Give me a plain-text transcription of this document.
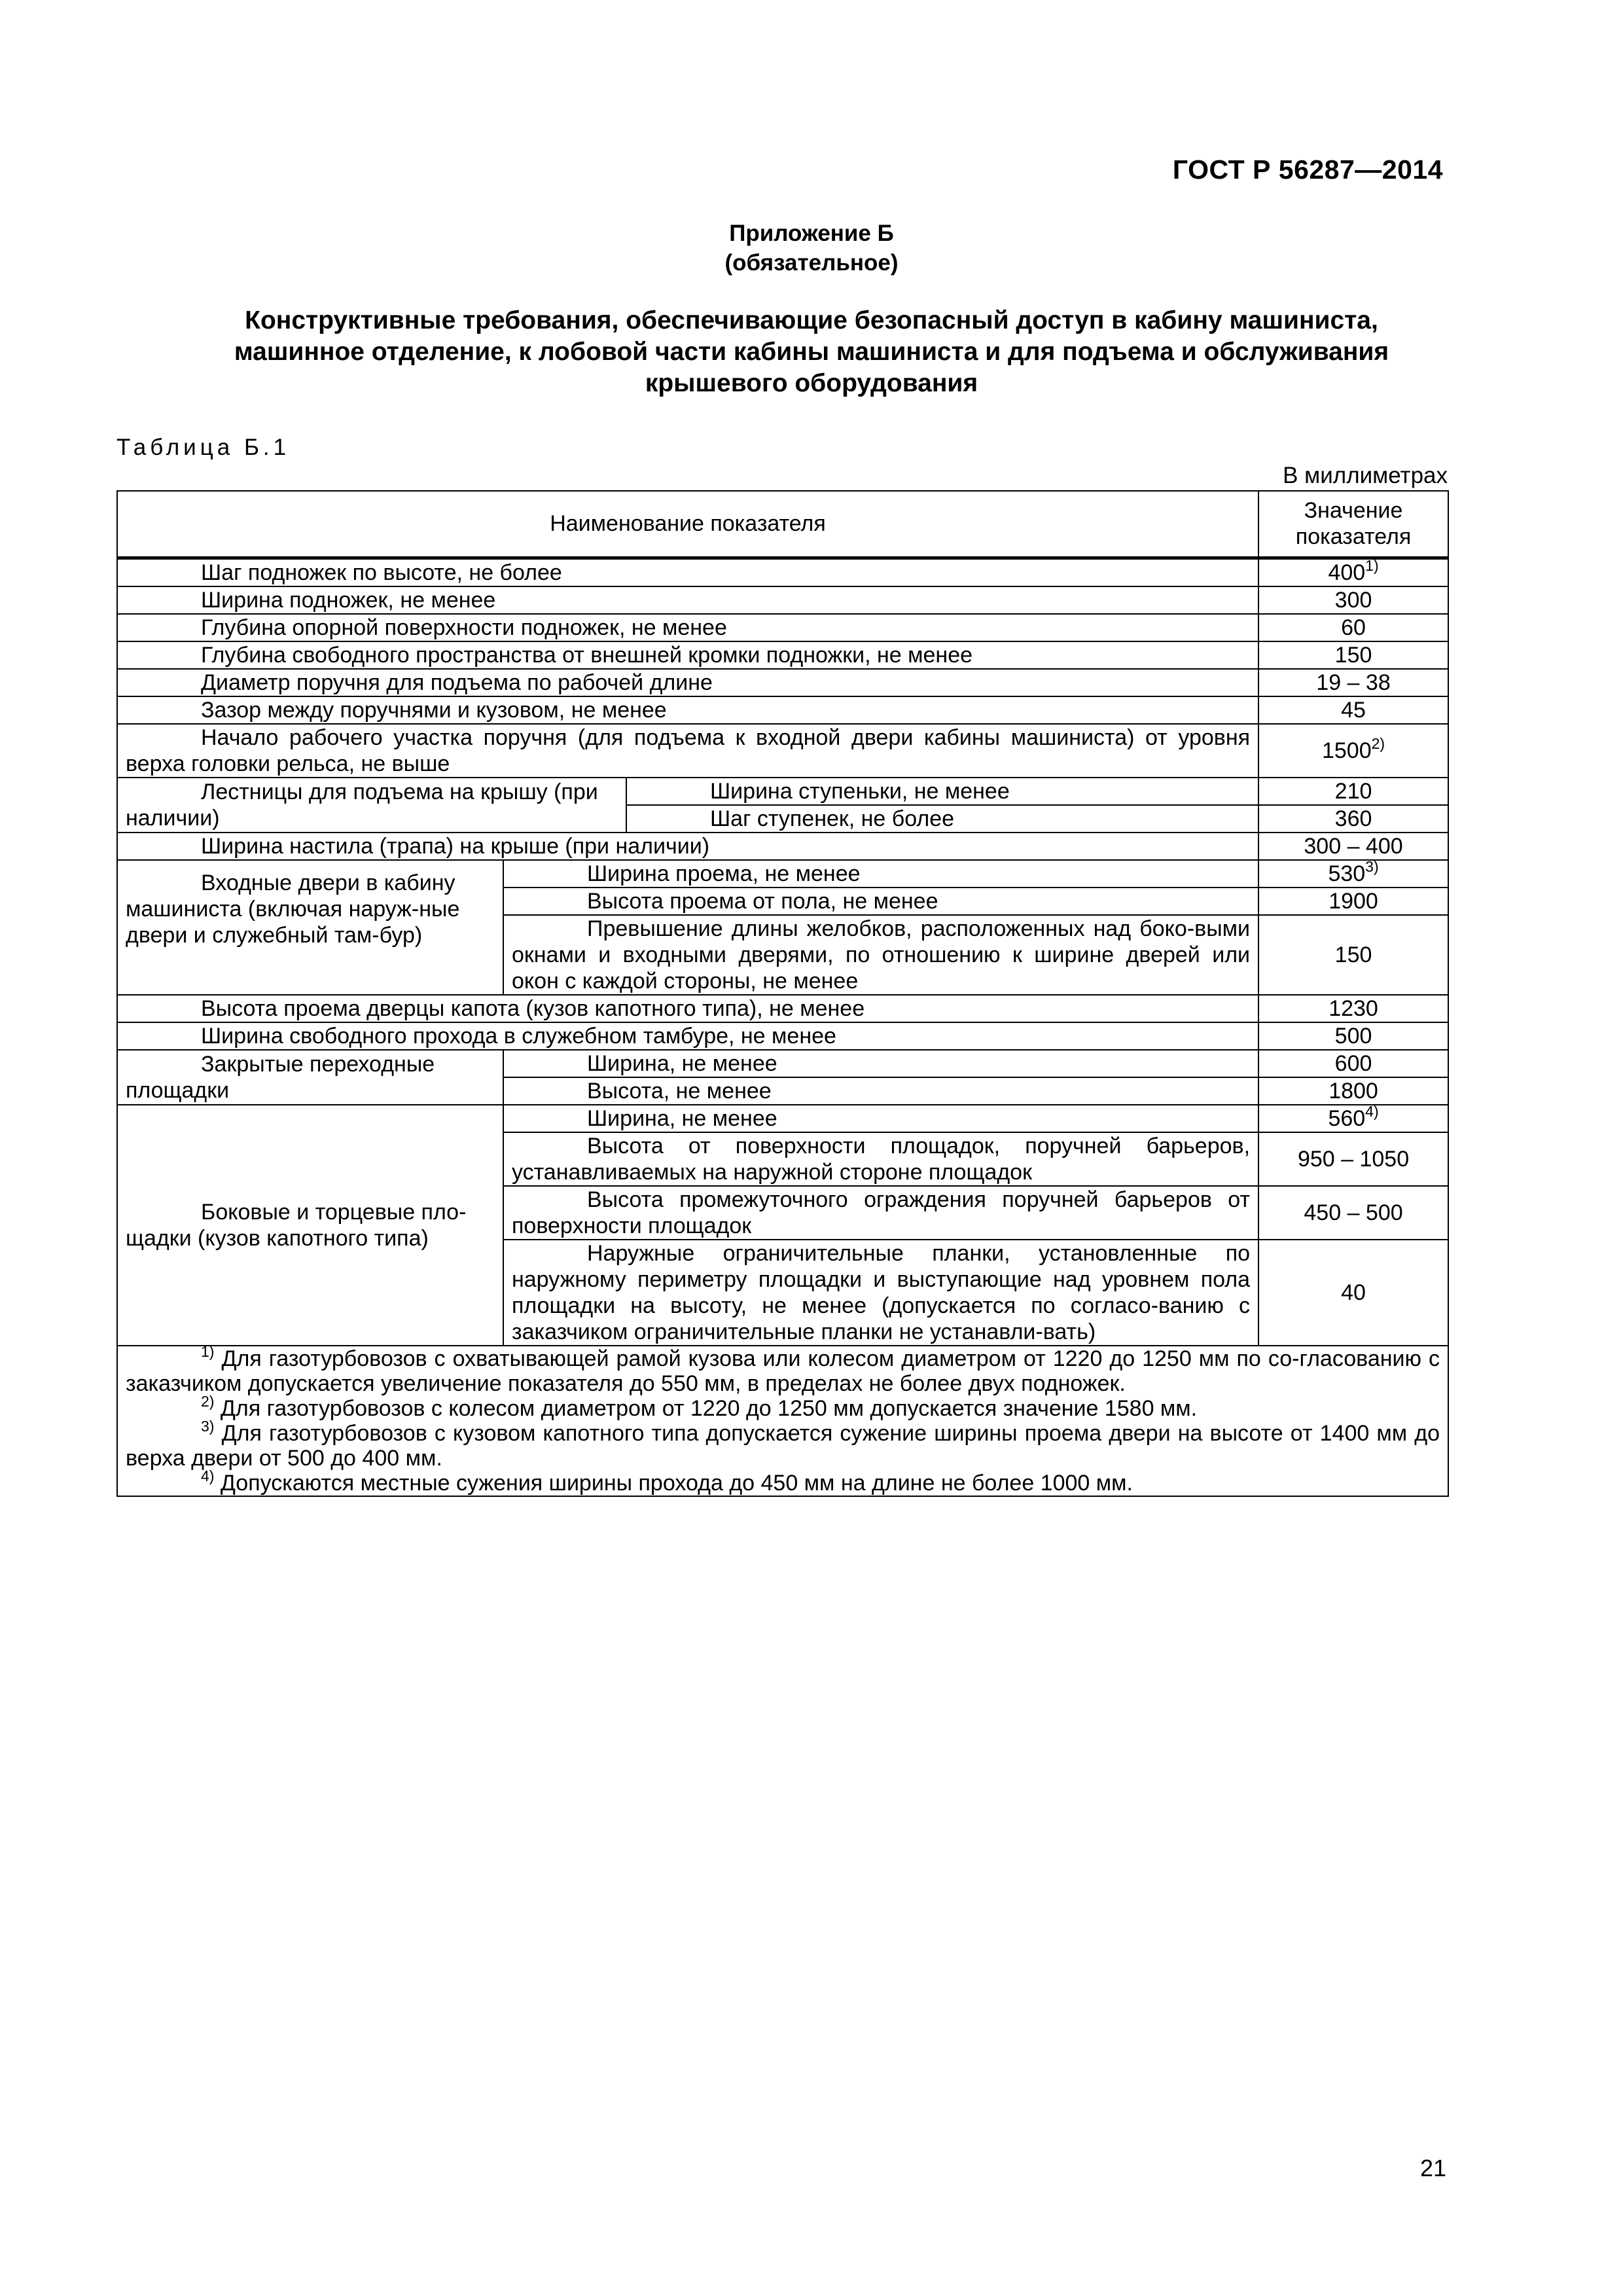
ГОСТ Р 56287—2014
Приложение Б
(обязательное)
Конструктивные требования, обеспечивающие безопасный доступ в кабину машиниста,
машинное отделение, к лобовой части кабины машиниста и для подъема и обслуживания
крышевого оборудования
Таблица Б.1
В миллиметрах
Наименование показателя			Значение
показателя

Шаг подножек по высоте, не более			400$^{1)}$
Ширина подножек, не менее			300
Глубина опорной поверхности подножек, не менее			60
Глубина свободного пространства от внешней кромки подножки, не менее			150
Диаметр поручня для подъема по рабочей длине			19 – 38
Зазор между поручнями и кузовом, не менее			45
Начало рабочего участка поручня (для подъема к входной двери кабины машиниста) от уровня верха головки рельса, не выше			1500$^{2)}$
Лестницы для подъема на крышу (при наличии)		Ширина ступеньки, не менее	210
		Шаг ступенек, не более	360
Ширина настила (трапа) на крыше (при наличии)			300 – 400
Входные двери в кабину машиниста (включая наруж-ные двери и служебный там-бур)	Ширина проема, не менее		530$^{3)}$
	Высота проема от пола, не менее		1900
	Превышение длины желобков, расположенных над боко-выми окнами и входными дверями, по отношению к ширине дверей или окон с каждой стороны, не менее		150
Высота проема дверцы капота (кузов капотного типа), не менее			1230
Ширина свободного прохода в служебном тамбуре, не менее			500
Закрытые переходные площадки	Ширина, не менее		600
	Высота, не менее		1800
Боковые и торцевые пло-щадки (кузов капотного типа)	Ширина, не менее		560$^{4)}$
	Высота от поверхности площадок, поручней барьеров, устанавливаемых на наружной стороне площадок		950 – 1050
	Высота промежуточного ограждения поручней барьеров от поверхности площадок		450 – 500
	Наружные ограничительные планки, установленные по наружному периметру площадки и выступающие над уровнем пола площадки на высоту, не менее (допускается по согласо-ванию с заказчиком ограничительные планки не устанавли-вать)		40

$^{1)}$ Для газотурбовозов с охватывающей рамой кузова или колесом диаметром от 1220 до 1250 мм по со-гласованию с заказчиком допускается увеличение показателя до 550 мм, в пределах не более двух подножек.

$^{2)}$ Для газотурбовозов с колесом диаметром от 1220 до 1250 мм допускается значение 1580 мм.

$^{3)}$ Для газотурбовозов с кузовом капотного типа допускается сужение ширины проема двери на высоте от 1400 мм до верха двери от 500 до 400 мм.

$^{4)}$ Допускаются местные сужения ширины прохода до 450 мм на длине не более 1000 мм.			

21
